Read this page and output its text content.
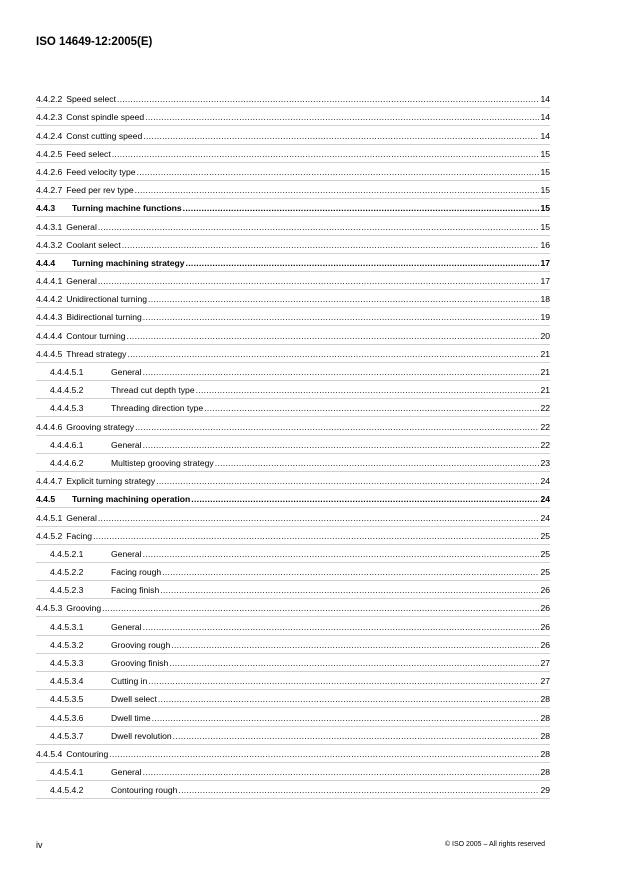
ISO 14649-12:2005(E)
4.4.2.2 Speed select .....	14
4.4.2.3 Const spindle speed .....	14
4.4.2.4 Const cutting speed .....	14
4.4.2.5 Feed select .....	15
4.4.2.6 Feed velocity type .....	15
4.4.2.7 Feed per rev type .....	15
4.4.3	Turning machine functions .....	15
4.4.3.1 General .....	15
4.4.3.2 Coolant select .....	16
4.4.4	Turning machining strategy .....	17
4.4.4.1 General .....	17
4.4.4.2 Unidirectional turning .....	18
4.4.4.3 Bidirectional turning .....	19
4.4.4.4 Contour turning .....	20
4.4.4.5 Thread strategy .....	21
4.4.4.5.1	General .....	21
4.4.4.5.2	Thread cut depth type .....	21
4.4.4.5.3	Threading direction type .....	22
4.4.4.6 Grooving strategy .....	22
4.4.4.6.1	General .....	22
4.4.4.6.2	Multistep grooving strategy .....	23
4.4.4.7 Explicit turning strategy .....	24
4.4.5	Turning machining operation .....	24
4.4.5.1 General .....	24
4.4.5.2 Facing .....	25
4.4.5.2.1	General .....	25
4.4.5.2.2	Facing rough .....	25
4.4.5.2.3	Facing finish .....	26
4.4.5.3 Grooving .....	26
4.4.5.3.1	General .....	26
4.4.5.3.2	Grooving rough .....	26
4.4.5.3.3	Grooving finish .....	27
4.4.5.3.4	Cutting in .....	27
4.4.5.3.5	Dwell select .....	28
4.4.5.3.6	Dwell time .....	28
4.4.5.3.7	Dwell revolution .....	28
4.4.5.4 Contouring .....	28
4.4.5.4.1	General .....	28
4.4.5.4.2	Contouring rough .....	29
iv	© ISO 2005 – All rights reserved
